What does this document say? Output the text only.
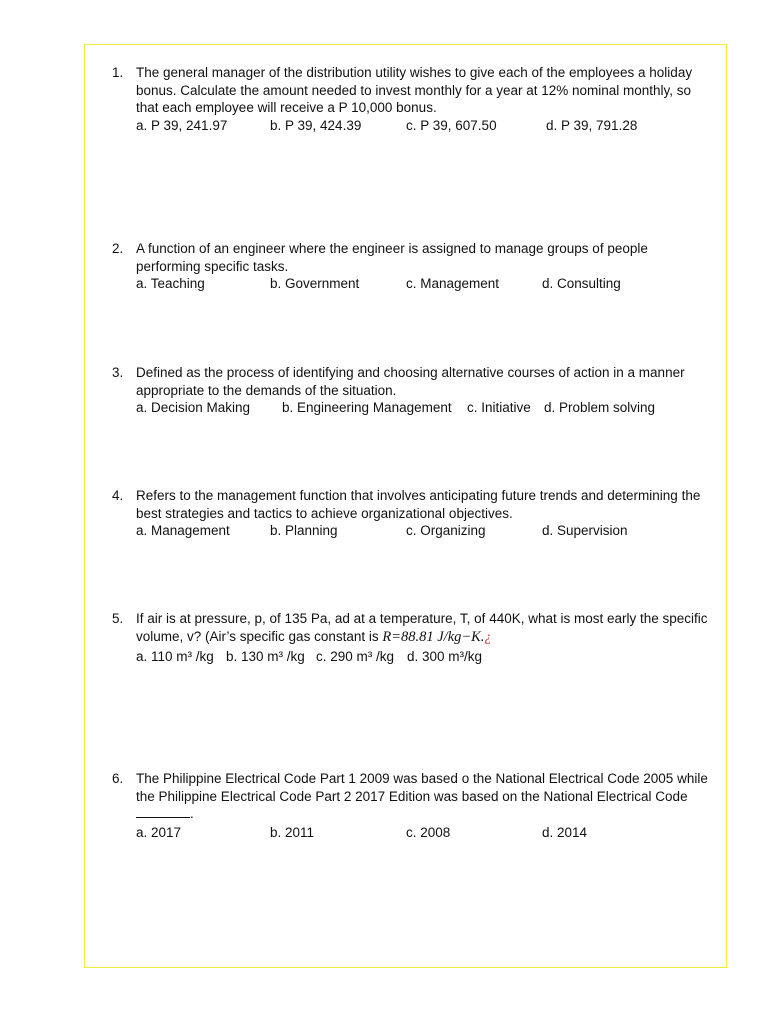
1. The general manager of the distribution utility wishes to give each of the employees a holiday
bonus. Calculate the amount needed to invest monthly for a year at 12% nominal monthly, so
that each employee will receive a P 10,000 bonus.
a. P 39, 241.97	b. P 39, 424.39	c. P 39, 607.50	d. P 39, 791.28
2. A function of an engineer where the engineer is assigned to manage groups of people
performing specific tasks.
a. Teaching	b. Government	c. Management	d. Consulting
3. Defined as the process of identifying and choosing alternative courses of action in a manner
appropriate to the demands of the situation.
a. Decision Making b. Engineering Management c. Initiative d. Problem solving
4. Refers to the management function that involves anticipating future trends and determining the
best strategies and tactics to achieve organizational objectives.
a. Management	b. Planning	c. Organizing	d. Supervision
5. If air is at pressure, p, of 135 Pa, ad at a temperature, T, of 440K, what is most early the specific
volume, v? (Air’s specific gas constant is R=88.81 J/kg−K.¿
a. 110 m³ /kg b. 130 m³ /kg c. 290 m³ /kg d. 300 m³/kg
6. The Philippine Electrical Code Part 1 2009 was based o the National Electrical Code 2005 while
the Philippine Electrical Code Part 2 2017 Edition was based on the National Electrical Code
.
a. 2017	b. 2011	c. 2008	d. 2014
